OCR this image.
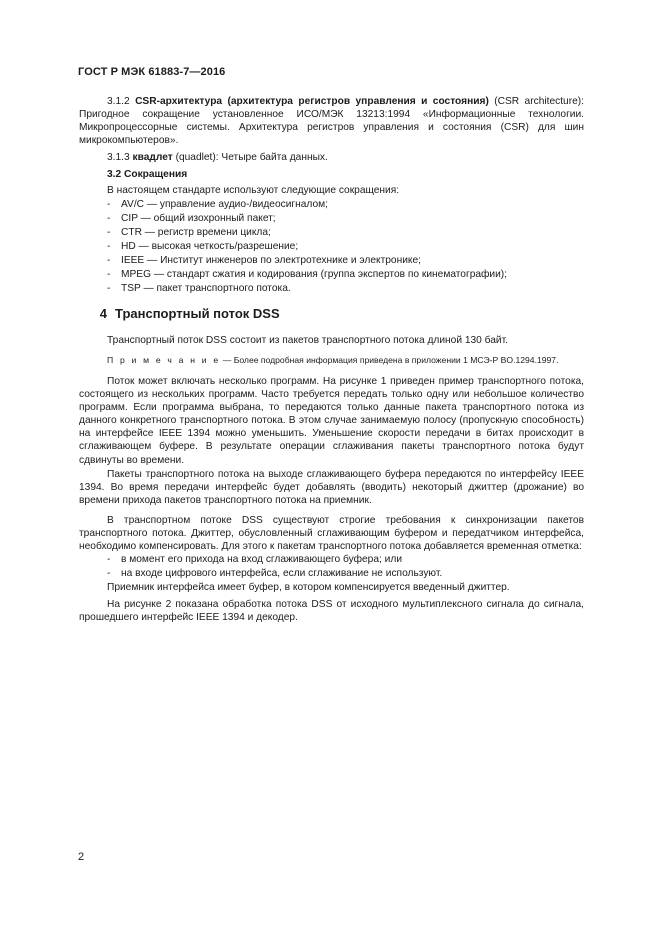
ГОСТ Р МЭК 61883-7—2016
3.1.2 CSR-архитектура (архитектура регистров управления и состояния) (CSR architecture): Пригодное сокращение установленное ИСО/МЭК 13213:1994 «Информационные технологии. Микропроцессорные системы. Архитектура регистров управления и состояния (CSR) для шин микрокомпьютеров».
3.1.3 квадлет (quadlet): Четыре байта данных.
3.2 Сокращения
В настоящем стандарте используют следующие сокращения:
- AV/C — управление аудио-/видеосигналом;
- CIP — общий изохронный пакет;
- CTR — регистр времени цикла;
- HD — высокая четкость/разрешение;
- IEEE — Институт инженеров по электротехнике и электронике;
- MPEG — стандарт сжатия и кодирования (группа экспертов по кинематографии);
- TSP — пакет транспортного потока.
4 Транспортный поток DSS
Транспортный поток DSS состоит из пакетов транспортного потока длиной 130 байт.
П р и м е ч а н и е — Более подробная информация приведена в приложении 1 МСЭ-Р BO.1294.1997.
Поток может включать несколько программ. На рисунке 1 приведен пример транспортного потока, состоящего из нескольких программ. Часто требуется передать только одну или небольшое количество программ. Если программа выбрана, то передаются только данные пакета транспортного потока из данного конкретного транспортного потока. В этом случае занимаемую полосу (пропускную способность) на интерфейсе IEEE 1394 можно уменьшить. Уменьшение скорости передачи в битах происходит в сглаживающем буфере. В результате операции сглаживания пакеты транспортного потока будут сдвинуты во времени.
Пакеты транспортного потока на выходе сглаживающего буфера передаются по интерфейсу IEEE 1394. Во время передачи интерфейс будет добавлять (вводить) некоторый джиттер (дрожание) во времени прихода пакетов транспортного потока на приемник.
В транспортном потоке DSS существуют строгие требования к синхронизации пакетов транспортного потока. Джиттер, обусловленный сглаживающим буфером и передатчиком интерфейса, необходимо компенсировать. Для этого к пакетам транспортного потока добавляется временная отметка:
- в момент его прихода на вход сглаживающего буфера; или
- на входе цифрового интерфейса, если сглаживание не используют.
Приемник интерфейса имеет буфер, в котором компенсируется введенный джиттер.
На рисунке 2 показана обработка потока DSS от исходного мультиплексного сигнала до сигнала, прошедшего интерфейс IEEE 1394 и декодер.
2
